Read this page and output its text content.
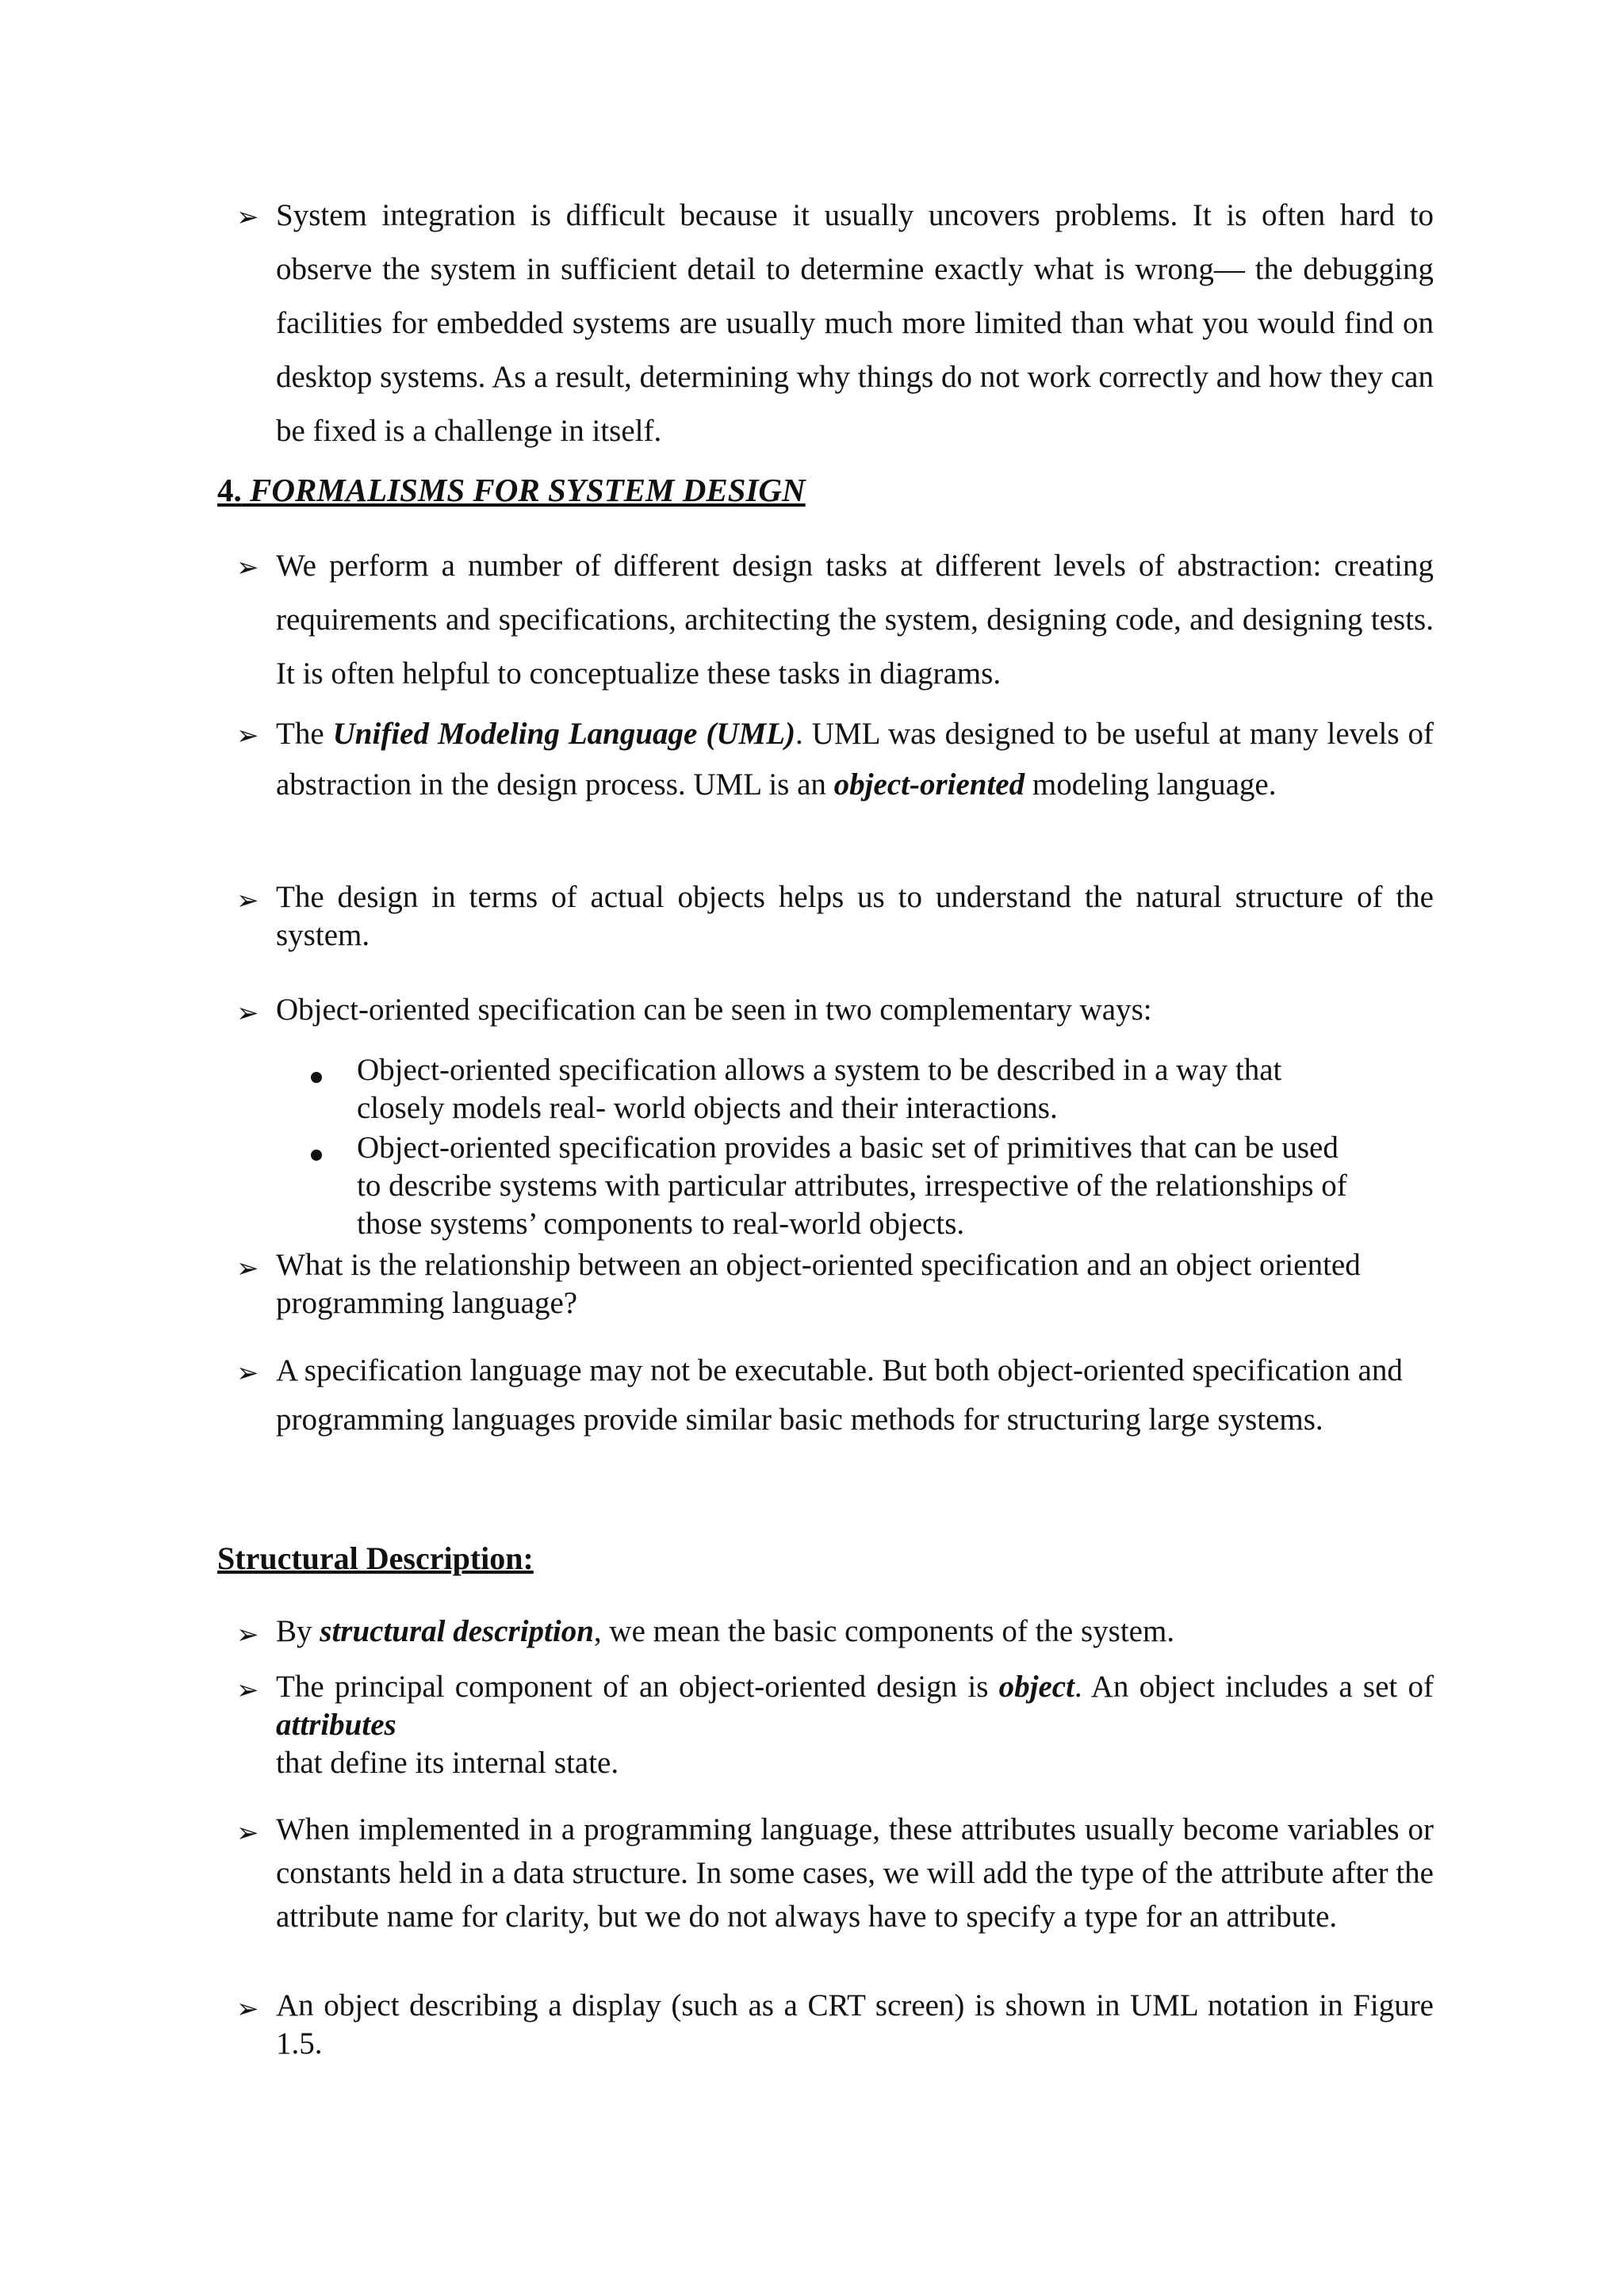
➢ System integration is difficult because it usually uncovers problems. It is often hard to observe the system in sufficient detail to determine exactly what is wrong— the debugging facilities for embedded systems are usually much more limited than what you would find on desktop systems. As a result, determining why things do not work correctly and how they can be fixed is a challenge in itself.

4. FORMALISMS FOR SYSTEM DESIGN
➢ We perform a number of different design tasks at different levels of abstraction: creating requirements and specifications, architecting the system, designing code, and designing tests. It is often helpful to conceptualize these tasks in diagrams.

➢ The Unified Modeling Language (UML). UML was designed to be useful at many levels of abstraction in the design process. UML is an object-oriented modeling language.

➢ The design in terms of actual objects helps us to understand the natural structure of the system.

➢ Object-oriented specification can be seen in two complementary ways:

Object-oriented specification allows a system to be described in a way that closely models real- world objects and their interactions.
Object-oriented specification provides a basic set of primitives that can be used to describe systems with particular attributes, irrespective of the relationships of those systems’ components to real-world objects.
➢ What is the relationship between an object-oriented specification and an object oriented programming language?

➢ A specification language may not be executable. But both object-oriented specification and programming languages provide similar basic methods for structuring large systems.

Structural Description:
➢ By structural description, we mean the basic components of the system.

➢ The principal component of an object-oriented design is object. An object includes a set of attributes

that define its internal state.

➢ When implemented in a programming language, these attributes usually become variables or constants held in a data structure. In some cases, we will add the type of the attribute after the attribute name for clarity, but we do not always have to specify a type for an attribute.

➢ An object describing a display (such as a CRT screen) is shown in UML notation in Figure 1.5.
